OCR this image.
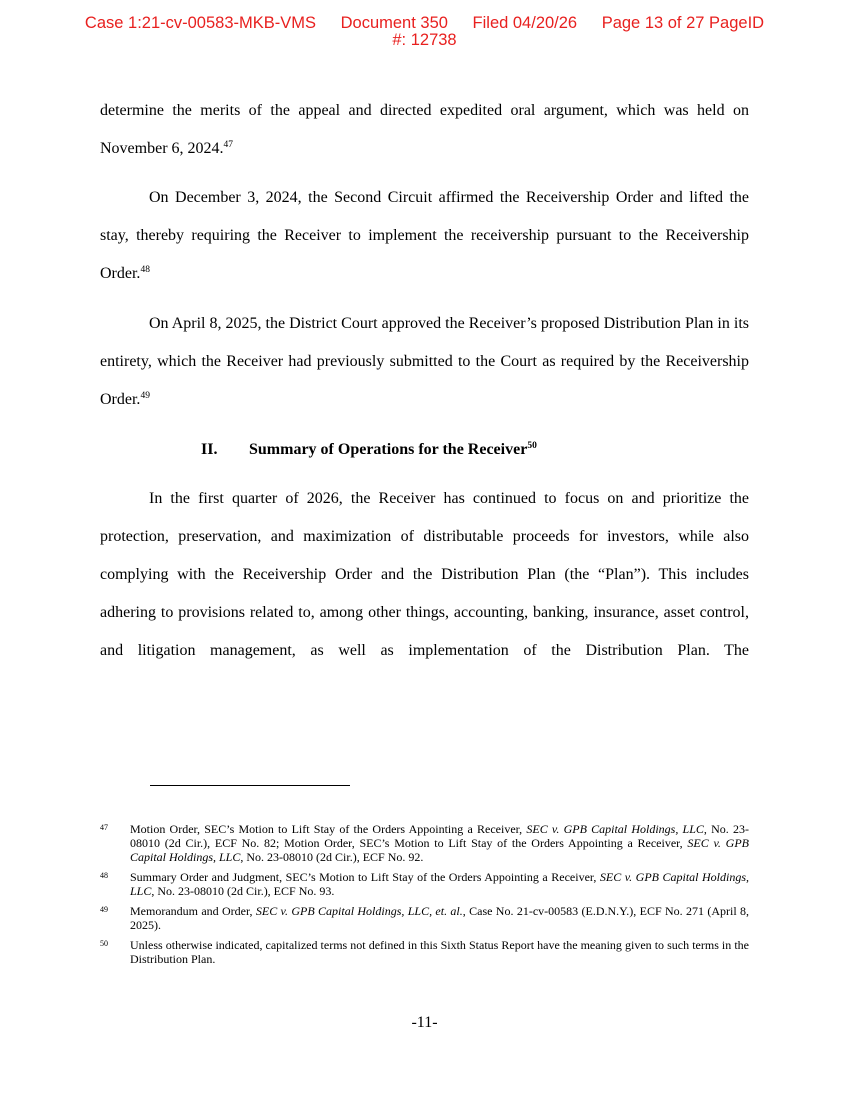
Case 1:21-cv-00583-MKB-VMS Document 350 Filed 04/20/26 Page 13 of 27 PageID
#: 12738

determine the merits of the appeal and directed expedited oral argument, which was held on November 6, 2024.47

On December 3, 2024, the Second Circuit affirmed the Receivership Order and lifted the stay, thereby requiring the Receiver to implement the receivership pursuant to the Receivership Order.$^{48}$

On April 8, 2025, the District Court approved the Receiver’s proposed Distribution Plan in its entirety, which the Receiver had previously submitted to the Court as required by the Receivership Order.$^{49}$

II. Summary of Operations for the Receiver$^{50}$

In the first quarter of 2026, the Receiver has continued to focus on and prioritize the protection, preservation, and maximization of distributable proceeds for investors, while also complying with the Receivership Order and the Distribution Plan (the “Plan”). This includes adhering to provisions related to, among other things, accounting, banking, insurance, asset control, and litigation management, as well as implementation of the Distribution Plan. The

47	Motion Order, SEC’s Motion to Lift Stay of the Orders Appointing a Receiver, SEC v. GPB Capital Holdings, LLC, No. 23-08010 (2d Cir.), ECF No. 82; Motion Order, SEC’s Motion to Lift Stay of the Orders Appointing a Receiver, SEC v. GPB Capital Holdings, LLC, No. 23-08010 (2d Cir.), ECF No. 92.
48	Summary Order and Judgment, SEC’s Motion to Lift Stay of the Orders Appointing a Receiver, SEC v. GPB Capital Holdings, LLC, No. 23-08010 (2d Cir.), ECF No. 93.
49	Memorandum and Order, SEC v. GPB Capital Holdings, LLC, et. al., Case No. 21-cv-00583 (E.D.N.Y.), ECF No. 271 (April 8, 2025).
50	Unless otherwise indicated, capitalized terms not defined in this Sixth Status Report have the meaning given to such terms in the Distribution Plan.
-11-
